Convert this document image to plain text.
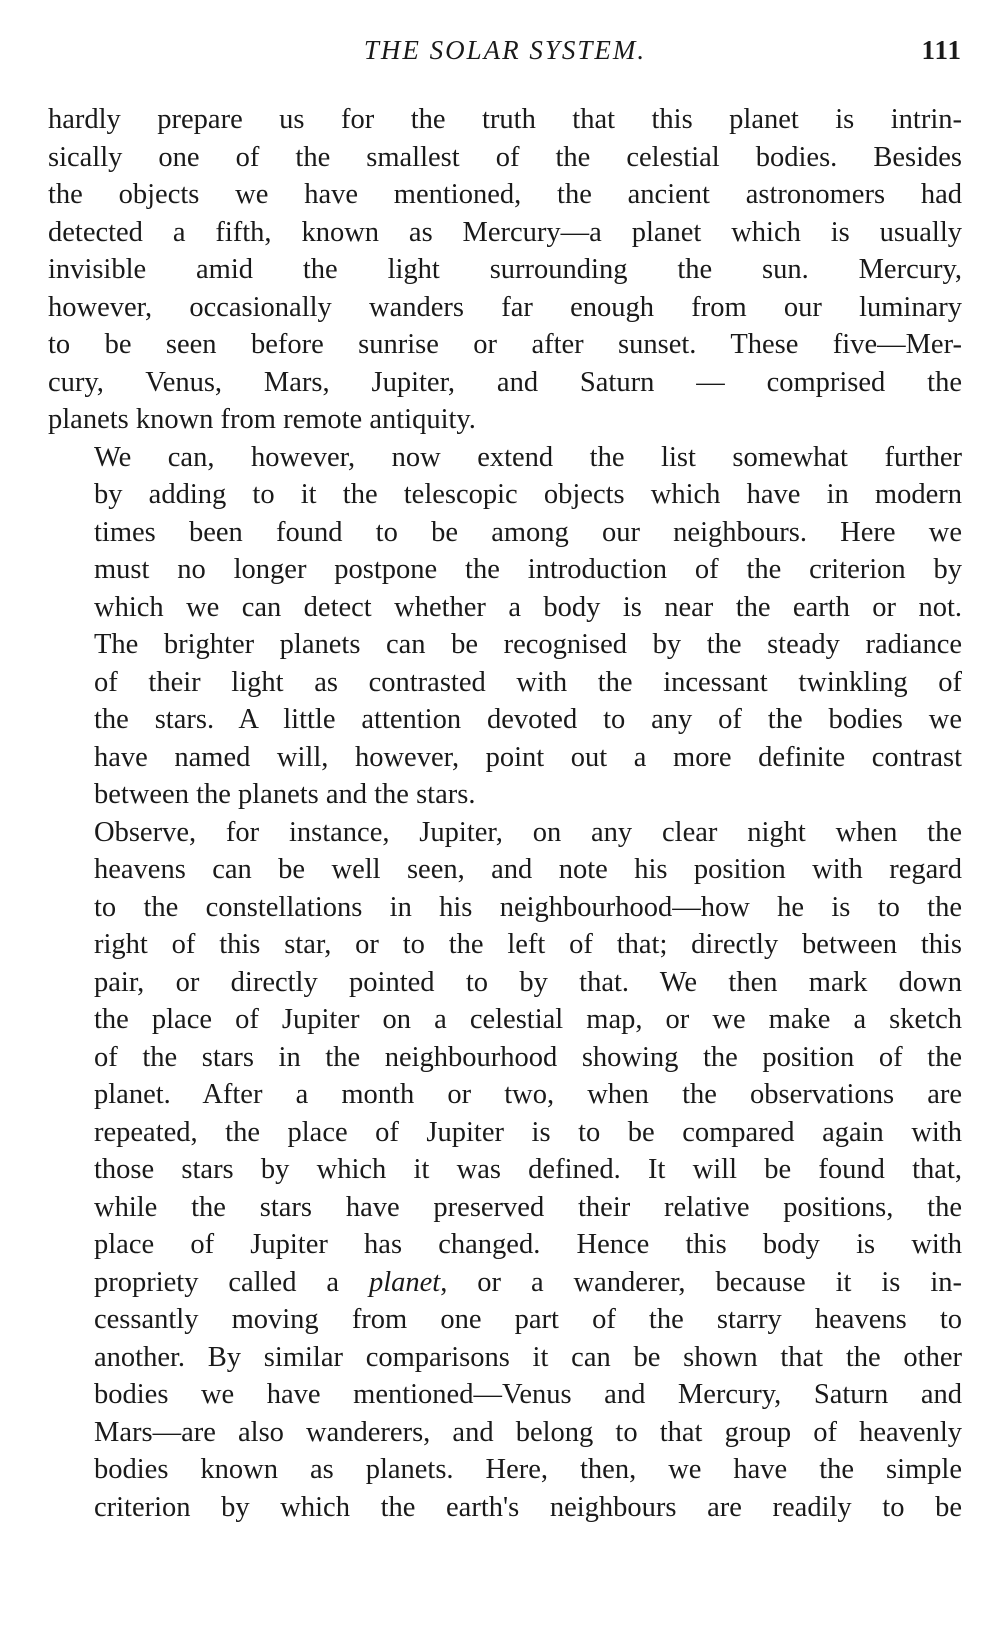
THE SOLAR SYSTEM.	111

hardly prepare us for the truth that this planet is intrin-
sically one of the smallest of the celestial bodies. Besides
the objects we have mentioned, the ancient astronomers had
detected a fifth, known as Mercury—a planet which is usually
invisible amid the light surrounding the sun. Mercury,
however, occasionally wanders far enough from our luminary
to be seen before sunrise or after sunset. These five—Mer-
cury, Venus, Mars, Jupiter, and Saturn — comprised the
planets known from remote antiquity.

We can, however, now extend the list somewhat further
by adding to it the telescopic objects which have in modern
times been found to be among our neighbours. Here we
must no longer postpone the introduction of the criterion by
which we can detect whether a body is near the earth or not.
The brighter planets can be recognised by the steady radiance
of their light as contrasted with the incessant twinkling of
the stars. A little attention devoted to any of the bodies we
have named will, however, point out a more definite contrast
between the planets and the stars.

Observe, for instance, Jupiter, on any clear night when the
heavens can be well seen, and note his position with regard
to the constellations in his neighbourhood—how he is to the
right of this star, or to the left of that; directly between this
pair, or directly pointed to by that. We then mark down
the place of Jupiter on a celestial map, or we make a sketch
of the stars in the neighbourhood showing the position of the
planet. After a month or two, when the observations are
repeated, the place of Jupiter is to be compared again with
those stars by which it was defined. It will be found that,
while the stars have preserved their relative positions, the
place of Jupiter has changed. Hence this body is with
propriety called a planet, or a wanderer, because it is in-
cessantly moving from one part of the starry heavens to
another. By similar comparisons it can be shown that the other
bodies we have mentioned—Venus and Mercury, Saturn and
Mars—are also wanderers, and belong to that group of heavenly
bodies known as planets. Here, then, we have the simple
criterion by which the earth's neighbours are readily to be
